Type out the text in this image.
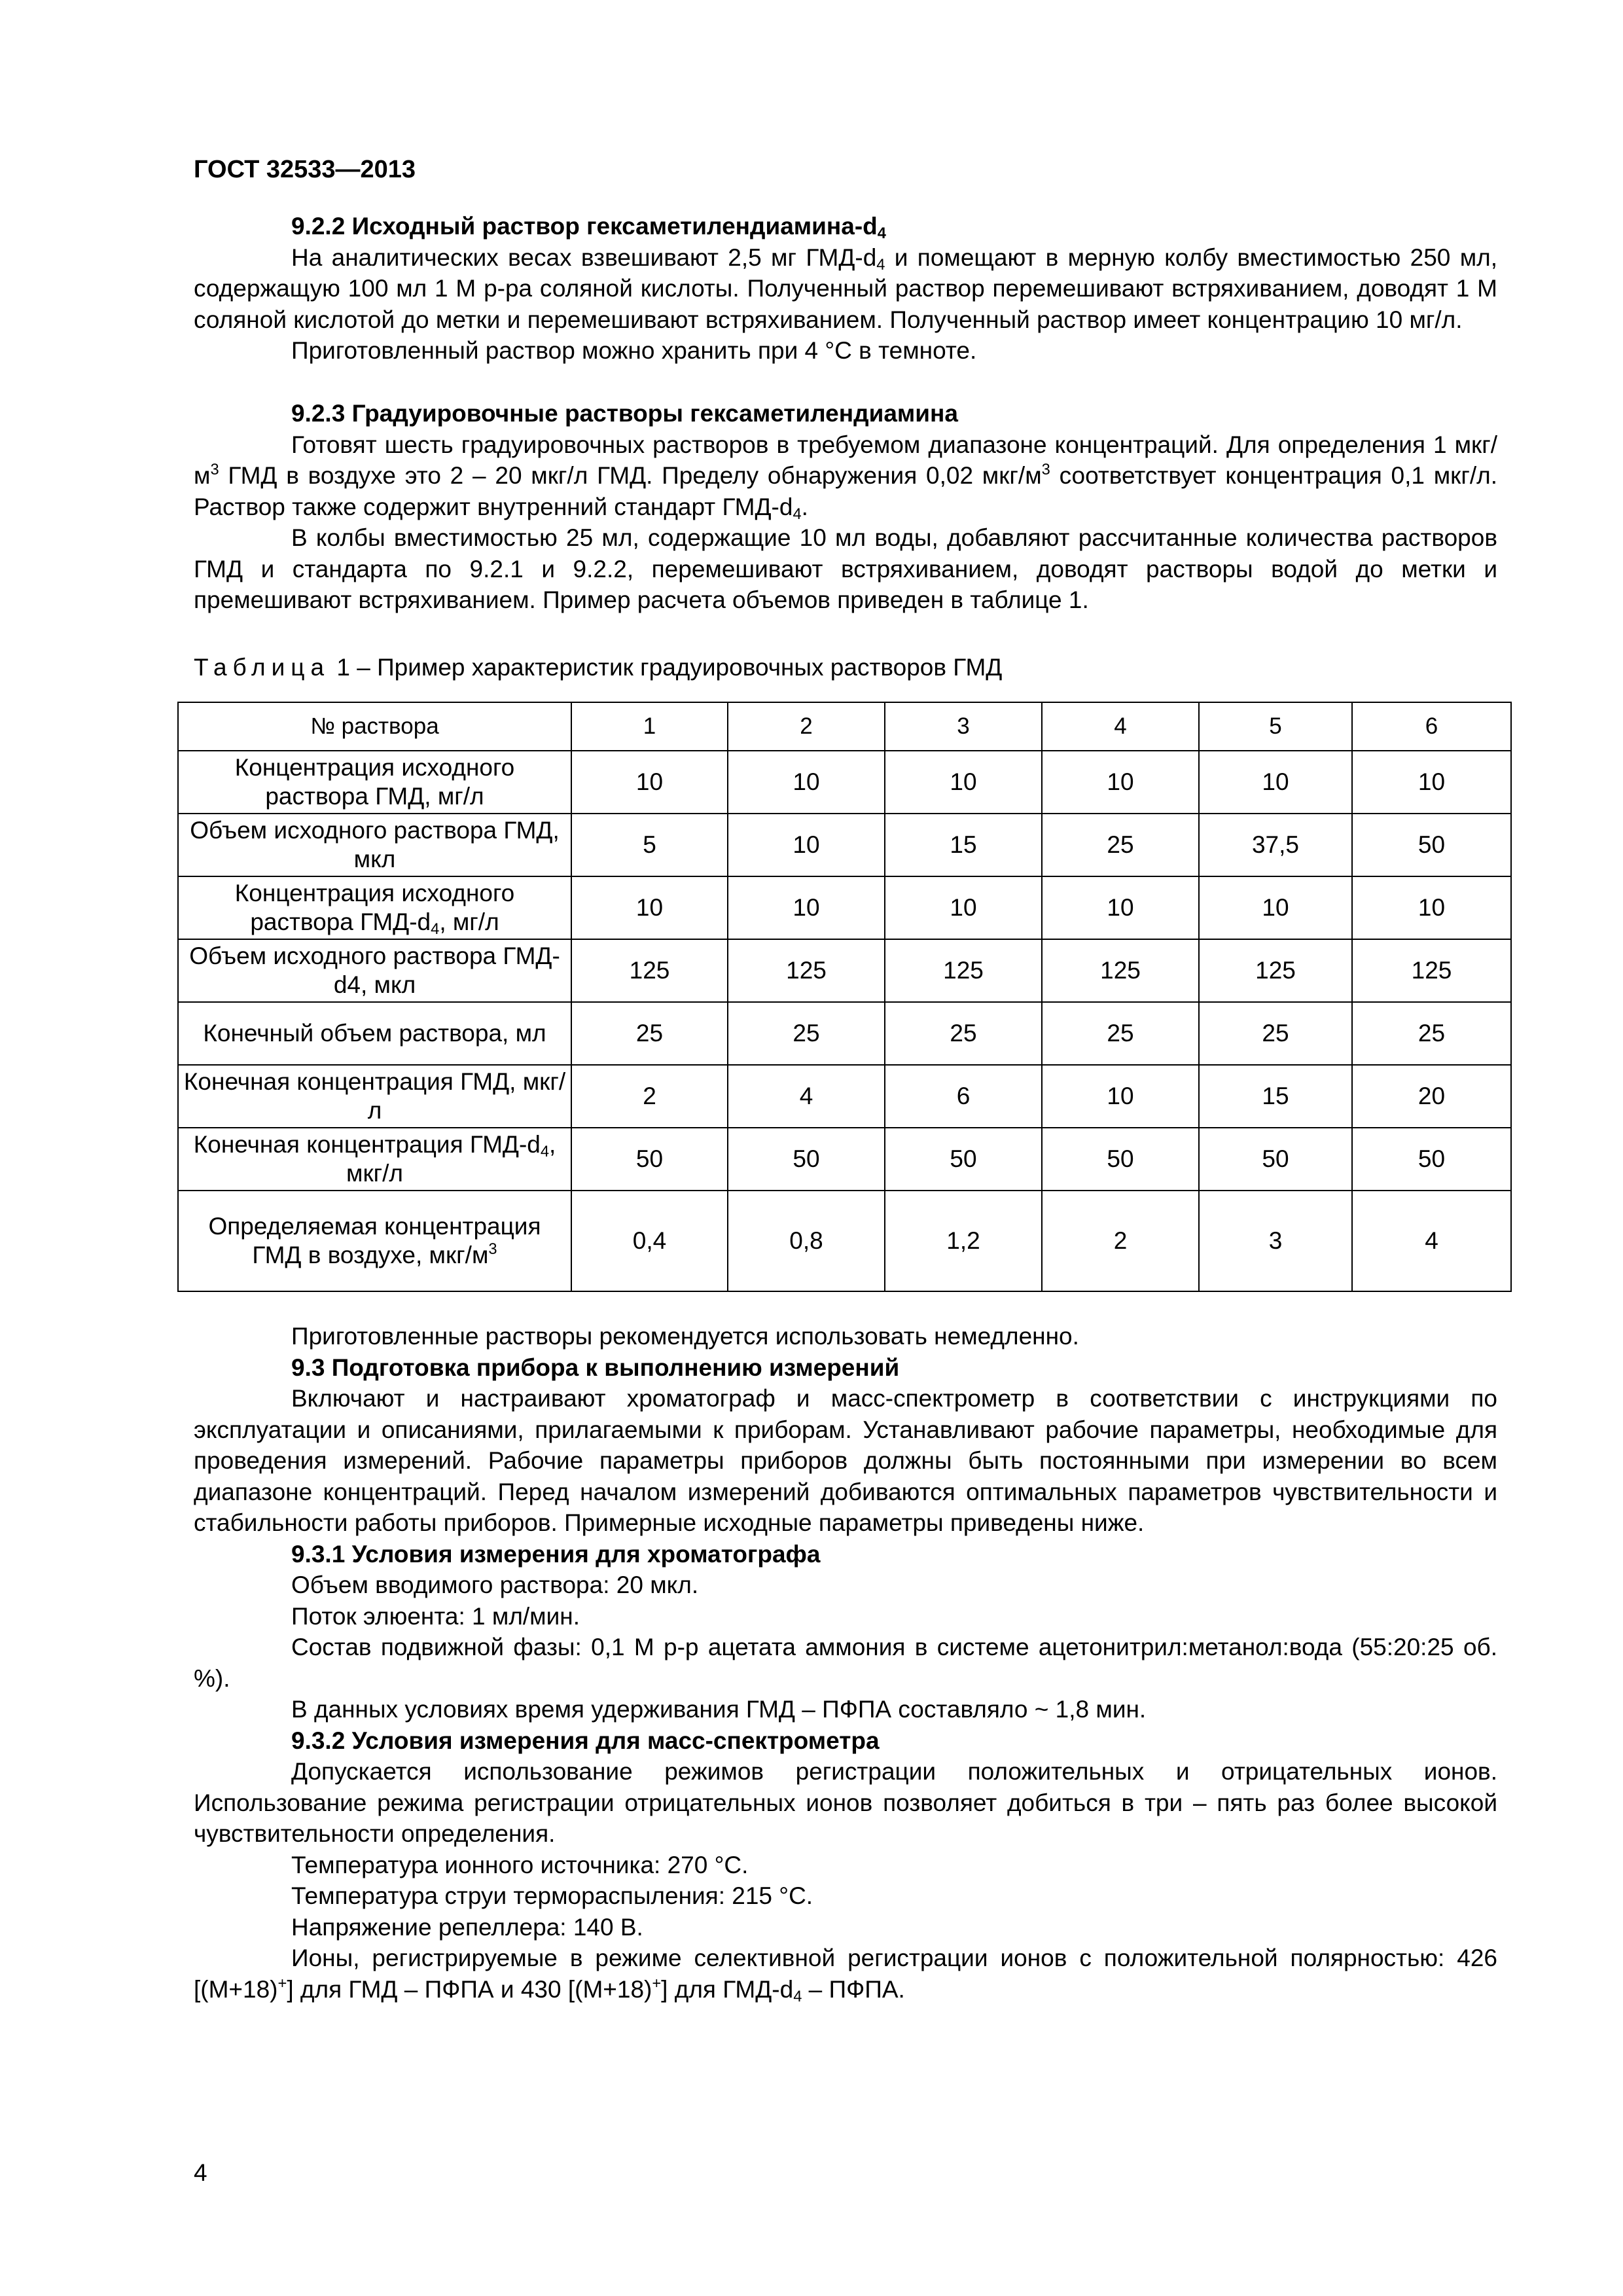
ГОСТ 32533—2013

9.2.2 Исходный раствор гексаметилендиамина-$d_4$

На аналитических весах взвешивают 2,5 мг ГМД-$d_4$ и помещают в мерную колбу вместимостью 250 мл, содержащую 100 мл 1 М р-ра соляной кислоты. Полученный раствор перемешивают встряхиванием, доводят 1 М соляной кислотой до метки и перемешивают встряхиванием. Полученный раствор имеет концентрацию 10 мг/л.

Приготовленный раствор можно хранить при 4 °С в темноте.

9.2.3 Градуировочные растворы гексаметилендиамина

Готовят шесть градуировочных растворов в требуемом диапазоне концентраций. Для определения 1 мкг/$м^3$ ГМД в воздухе это 2 – 20 мкг/л ГМД. Пределу обнаружения 0,02 мкг/$м^3$ соответствует концентрация 0,1 мкг/л. Раствор также содержит внутренний стандарт ГМД-$d_4$.

В колбы вместимостью 25 мл, содержащие 10 мл воды, добавляют рассчитанные количества растворов ГМД и стандарта по 9.2.1 и 9.2.2, перемешивают встряхиванием, доводят растворы водой до метки и премешивают встряхиванием. Пример расчета объемов приведен в таблице 1.

Таблица 1 – Пример характеристик градуировочных растворов ГМД
№ раствора	1	2	3	4	5	6
Концентрация исходного раствора ГМД, мг/л	10	10	10	10	10	10
Объем исходного раствора ГМД, мкл	5	10	15	25	37,5	50
Концентрация исходного раствора ГМД-$d_4$, мг/л	10	10	10	10	10	10
Объем исходного раствора ГМД-d4, мкл	125	125	125	125	125	125
Конечный объем раствора, мл	25	25	25	25	25	25
Конечная концентрация ГМД, мкг/л	2	4	6	10	15	20
Конечная концентрация ГМД-$d_4$, мкг/л	50	50	50	50	50	50
Определяемая концентрация ГМД в воздухе, мкг/$м^3$	0,4	0,8	1,2	2	3	4

Приготовленные растворы рекомендуется использовать немедленно.

9.3 Подготовка прибора к выполнению измерений

Включают и настраивают хроматограф и масс-спектрометр в соответствии с инструкциями по эксплуатации и описаниями, прилагаемыми к приборам. Устанавливают рабочие параметры, необходимые для проведения измерений. Рабочие параметры приборов должны быть постоянными при измерении во всем диапазоне концентраций. Перед началом измерений добиваются оптимальных параметров чувствительности и стабильности работы приборов. Примерные исходные параметры приведены ниже.

9.3.1 Условия измерения для хроматографа

Объем вводимого раствора: 20 мкл.

Поток элюента: 1 мл/мин.

Состав подвижной фазы: 0,1 М р-р ацетата аммония в системе ацетонитрил:метанол:вода (55:20:25 об. %).

В данных условиях время удерживания ГМД – ПФПА составляло ~ 1,8 мин.

9.3.2 Условия измерения для масс-спектрометра

Допускается использование режимов регистрации положительных и отрицательных ионов. Использование режима регистрации отрицательных ионов позволяет добиться в три – пять раз более высокой чувствительности определения.

Температура ионного источника: 270 °С.

Температура струи термораспыления: 215 °С.

Напряжение репеллера: 140 В.

Ионы, регистрируемые в режиме селективной регистрации ионов с положительной полярностью: 426 [(M+18)+] для ГМД – ПФПА и 430 [(M+18)+] для ГМД-$d_4$ – ПФПА.

4
